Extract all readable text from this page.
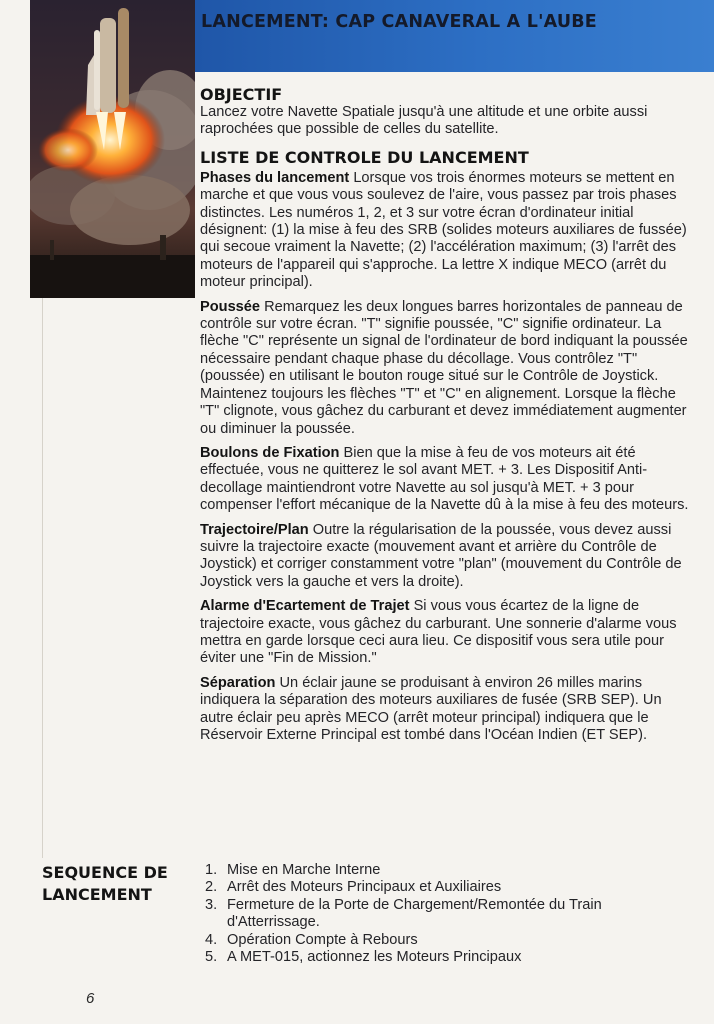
LANCEMENT: CAP CANAVERAL A L'AUBE
OBJECTIF

Lancez votre Navette Spatiale jusqu'à une altitude et une orbite aussi raprochées que possible de celles du satellite.

LISTE DE CONTROLE DU LANCEMENT

Phases du lancement Lorsque vos trois énormes moteurs se mettent en marche et que vous vous soulevez de l'aire, vous passez par trois phases distinctes. Les numéros 1, 2, et 3 sur votre écran d'ordinateur initial désignent: (1) la mise à feu des SRB (solides moteurs auxiliares de fussée) qui secoue vraiment la Navette; (2) l'accélération maximum; (3) l'arrêt des moteurs de l'appareil qui s'approche. La lettre X indique MECO (arrêt du moteur principal).

Poussée Remarquez les deux longues barres horizontales de panneau de contrôle sur votre écran. "T" signifie poussée, "C" signifie ordinateur. La flèche "C" représente un signal de l'ordinateur de bord indiquant la poussée nécessaire pendant chaque phase du décollage. Vous contrôlez "T" (poussée) en utilisant le bouton rouge situé sur le Contrôle de Joystick. Maintenez toujours les flèches "T" et "C" en alignement. Lorsque la flèche "T" clignote, vous gâchez du carburant et devez immédiatement augmenter ou diminuer la poussée.

Boulons de Fixation Bien que la mise à feu de vos moteurs ait été effectuée, vous ne quitterez le sol avant MET. + 3. Les Dispositif Anti-decollage maintiendront votre Navette au sol jusqu'à MET. + 3 pour compenser l'effort mécanique de la Navette dû à la mise à feu des moteurs.

Trajectoire/Plan Outre la régularisation de la poussée, vous devez aussi suivre la trajectoire exacte (mouvement avant et arrière du Contrôle de Joystick) et corriger constamment votre "plan" (mouvement du Contrôle de Joystick vers la gauche et vers la droite).

Alarme d'Ecartement de Trajet Si vous vous écartez de la ligne de trajectoire exacte, vous gâchez du carburant. Une sonnerie d'alarme vous mettra en garde lorsque ceci aura lieu. Ce dispositif vous sera utile pour éviter une "Fin de Mission."

Séparation Un éclair jaune se produisant à environ 26 milles marins indiquera la séparation des moteurs auxiliares de fusée (SRB SEP). Un autre éclair peu après MECO (arrêt moteur principal) indiquera que le Réservoir Externe Principal est tombé dans l'Océan Indien (ET SEP).

SEQUENCE DE
LANCEMENT
1. Mise en Marche Interne
2. Arrêt des Moteurs Principaux et Auxiliaires
3. Fermeture de la Porte de Chargement/Remontée du Train d'Atterrissage.
4. Opération Compte à Rebours
5. A MET-015, actionnez les Moteurs Principaux

6
